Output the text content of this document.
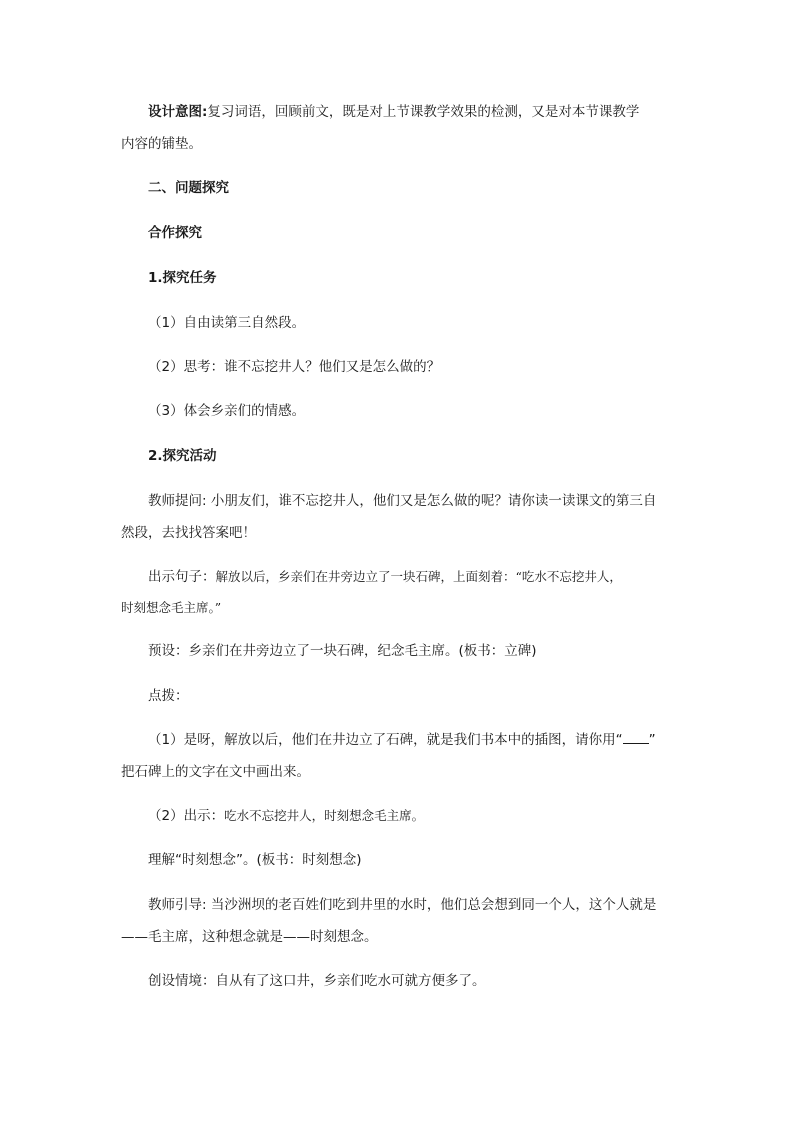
设计意图:复习词语，回顾前文，既是对上节课教学效果的检测，又是对本节课教学
内容的铺垫。
二、问题探究
合作探究
1.探究任务
（1）自由读第三自然段。
（2）思考：谁不忘挖井人？他们又是怎么做的？
（3）体会乡亲们的情感。
2.探究活动
教师提问: 小朋友们，谁不忘挖井人，他们又是怎么做的呢？请你读一读课文的第三自
然段，去找找答案吧！
出示句子：解放以后，乡亲们在井旁边立了一块石碑，上面刻着：“吃水不忘挖井人，
时刻想念毛主席。”
预设：乡亲们在井旁边立了一块石碑，纪念毛主席。(板书：立碑)
点拨：
（1）是呀，解放以后，他们在井边立了石碑，就是我们书本中的插图，请你用“ ”
把石碑上的文字在文中画出来。
（2）出示：吃水不忘挖井人，时刻想念毛主席。
理解“时刻想念”。(板书：时刻想念)
教师引导: 当沙洲坝的老百姓们吃到井里的水时，他们总会想到同一个人，这个人就是
——毛主席，这种想念就是——时刻想念。
创设情境：自从有了这口井，乡亲们吃水可就方便多了。
